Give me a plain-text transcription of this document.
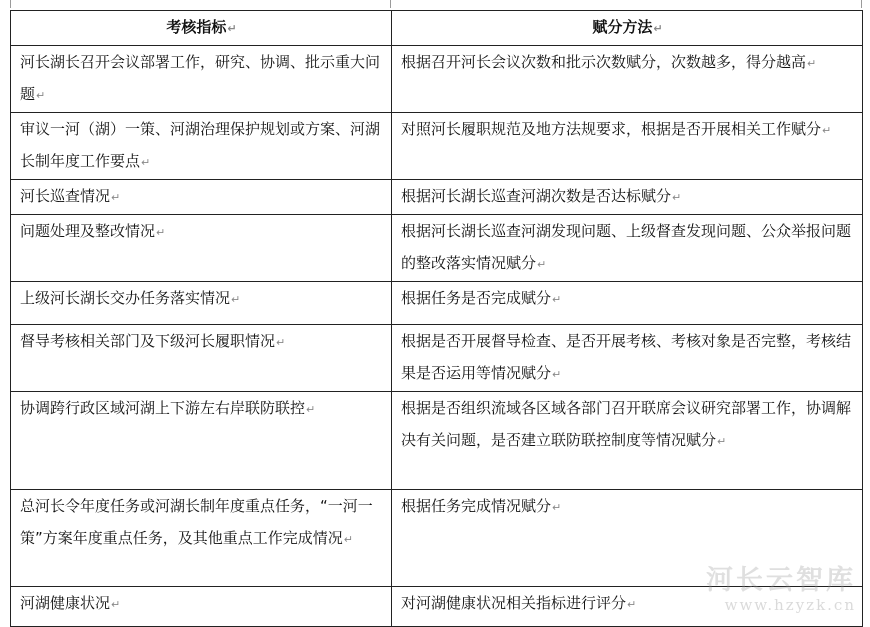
考核指标↵	赋分方法↵
河长湖长召开会议部署工作，研究、协调、批示重大问题↵	根据召开河长会议次数和批示次数赋分，次数越多，得分越高↵
审议一河（湖）一策、河湖治理保护规划或方案、河湖长制年度工作要点↵	对照河长履职规范及地方法规要求，根据是否开展相关工作赋分↵
河长巡查情况↵	根据河长湖长巡查河湖次数是否达标赋分↵
问题处理及整改情况↵	根据河长湖长巡查河湖发现问题、上级督查发现问题、公众举报问题的整改落实情况赋分↵
上级河长湖长交办任务落实情况↵	根据任务是否完成赋分↵
督导考核相关部门及下级河长履职情况↵	根据是否开展督导检查、是否开展考核、考核对象是否完整，考核结果是否运用等情况赋分↵
协调跨行政区域河湖上下游左右岸联防联控↵	根据是否组织流域各区域各部门召开联席会议研究部署工作，协调解决有关问题，是否建立联防联控制度等情况赋分↵
总河长令年度任务或河湖长制年度重点任务，“一河一策”方案年度重点任务，及其他重点工作完成情况↵	根据任务完成情况赋分↵
河湖健康状况↵	对河湖健康状况相关指标进行评分↵
河长云智库
www.hzyzk.cn
